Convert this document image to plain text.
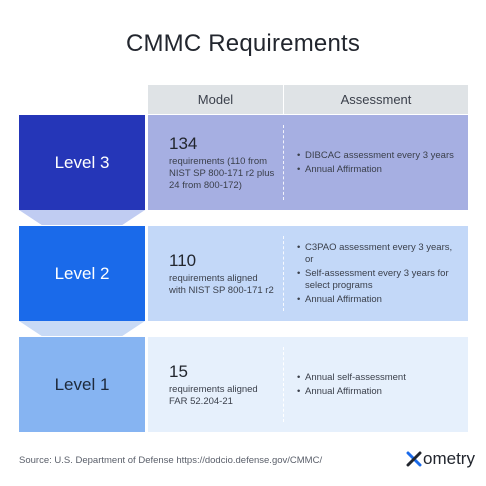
CMMC Requirements
Model	Assessment
Level 3
134
requirements (110 from
NIST SP 800-171 r2 plus
24 from 800-172)
• DIBCAC assessment every 3 years
• Annual Affirmation
Level 2
110
requirements aligned
with NIST SP 800-171 r2
• C3PAO assessment every 3 years, or
• Self-assessment every 3 years for select programs
• Annual Affirmation
Level 1
15
requirements aligned
FAR 52.204-21
• Annual self-assessment
• Annual Affirmation
Source: U.S. Department of Defense https://dodcio.defense.gov/CMMC/	ometry
